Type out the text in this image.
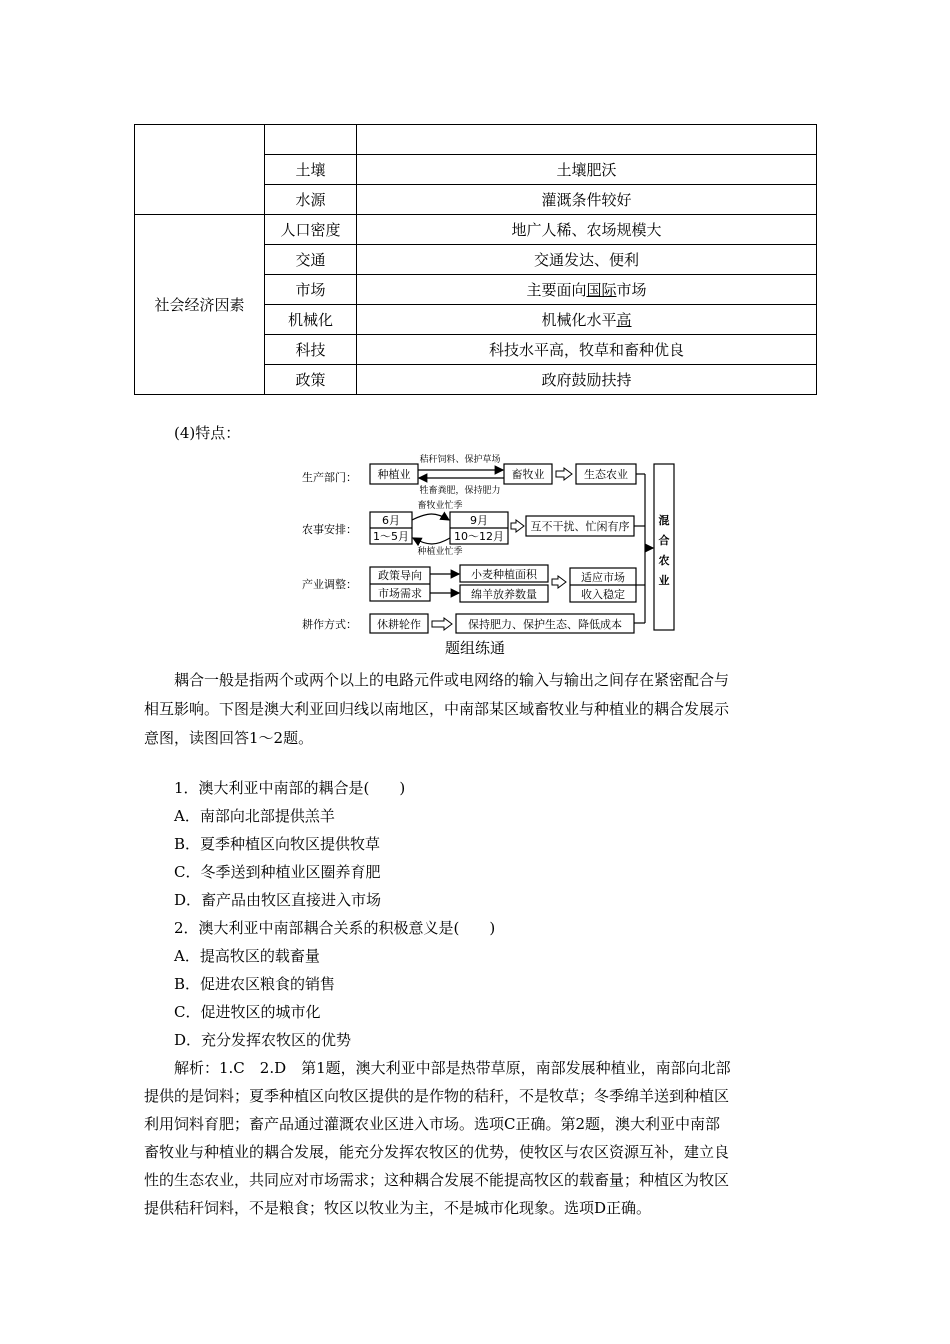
	土壤	土壤肥沃
	水源	灌溉条件较好
社会经济因素	人口密度	地广人稀、农场规模大
	交通	交通发达、便利
	市场	主要面向国际市场
	机械化	机械化水平高
	科技	科技水平高，牧草和畜种优良
	政策	政府鼓励扶持
(4)特点：
生产部门：
农事安排：
产业调整：
耕作方式：
种植业	畜牧业	生态农业
秸秆饲料、保护草场
牲畜粪肥，保持肥力
畜牧业忙季
种植业忙季
6月
1～5月
9月
10～12月
互不干扰、忙闲有序
政策导向
市场需求
小麦种植面积
绵羊放养数量
适应市场
收入稳定
休耕轮作	保持肥力、保护生态、降低成本
混
合
农
业
题组练通
耦合一般是指两个或两个以上的电路元件或电网络的输入与输出之间存在紧密配合与
相互影响。下图是澳大利亚回归线以南地区，中南部某区域畜牧业与种植业的耦合发展示
意图，读图回答1～2题。
1．澳大利亚中南部的耦合是(　　)
A．南部向北部提供羔羊
B．夏季种植区向牧区提供牧草
C．冬季送到种植业区圈养育肥
D．畜产品由牧区直接进入市场
2．澳大利亚中南部耦合关系的积极意义是(　　)
A．提高牧区的载畜量
B．促进农区粮食的销售
C．促进牧区的城市化
D．充分发挥农牧区的优势
解析：1.C　2.D　第1题，澳大利亚中部是热带草原，南部发展种植业，南部向北部
提供的是饲料；夏季种植区向牧区提供的是作物的秸秆，不是牧草；冬季绵羊送到种植区
利用饲料育肥；畜产品通过灌溉农业区进入市场。选项C正确。第2题，澳大利亚中南部
畜牧业与种植业的耦合发展，能充分发挥农牧区的优势，使牧区与农区资源互补，建立良
性的生态农业，共同应对市场需求；这种耦合发展不能提高牧区的载畜量；种植区为牧区
提供秸秆饲料，不是粮食；牧区以牧业为主，不是城市化现象。选项D正确。
